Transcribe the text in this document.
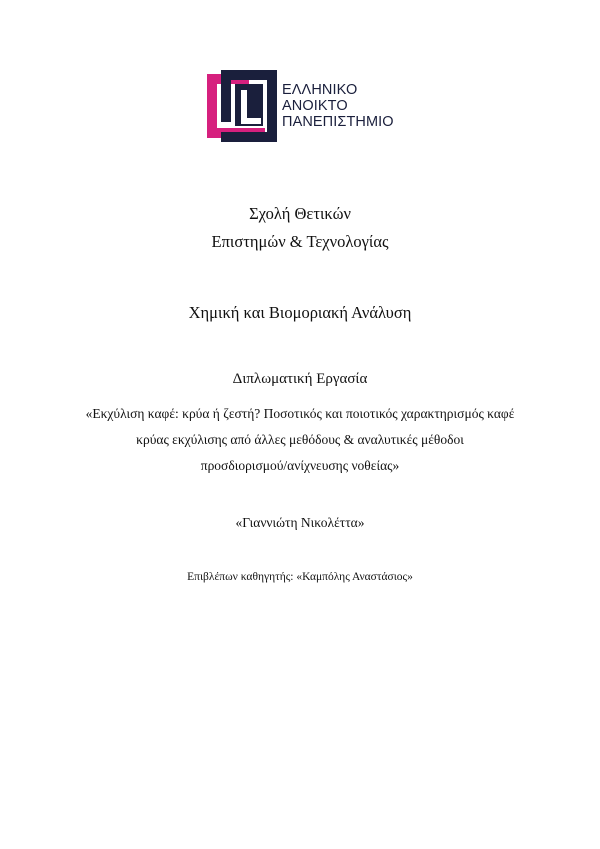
ΕΛΛΗΝΙΚΟ
ΑΝΟΙΚΤΟ
ΠΑΝΕΠΙΣΤΗΜΙΟ
Σχολή Θετικών
Επιστημών & Τεχνολογίας
Χημική και Βιομοριακή Ανάλυση
Διπλωματική Εργασία
«Εκχύλιση καφέ: κρύα ή ζεστή? Ποσοτικός και ποιοτικός χαρακτηρισμός καφέ
κρύας εκχύλισης από άλλες μεθόδους & αναλυτικές μέθοδοι
προσδιορισμού/ανίχνευσης νοθείας»
«Γιαννιώτη Νικολέττα»
Επιβλέπων καθηγητής: «Καμπόλης Αναστάσιος»
